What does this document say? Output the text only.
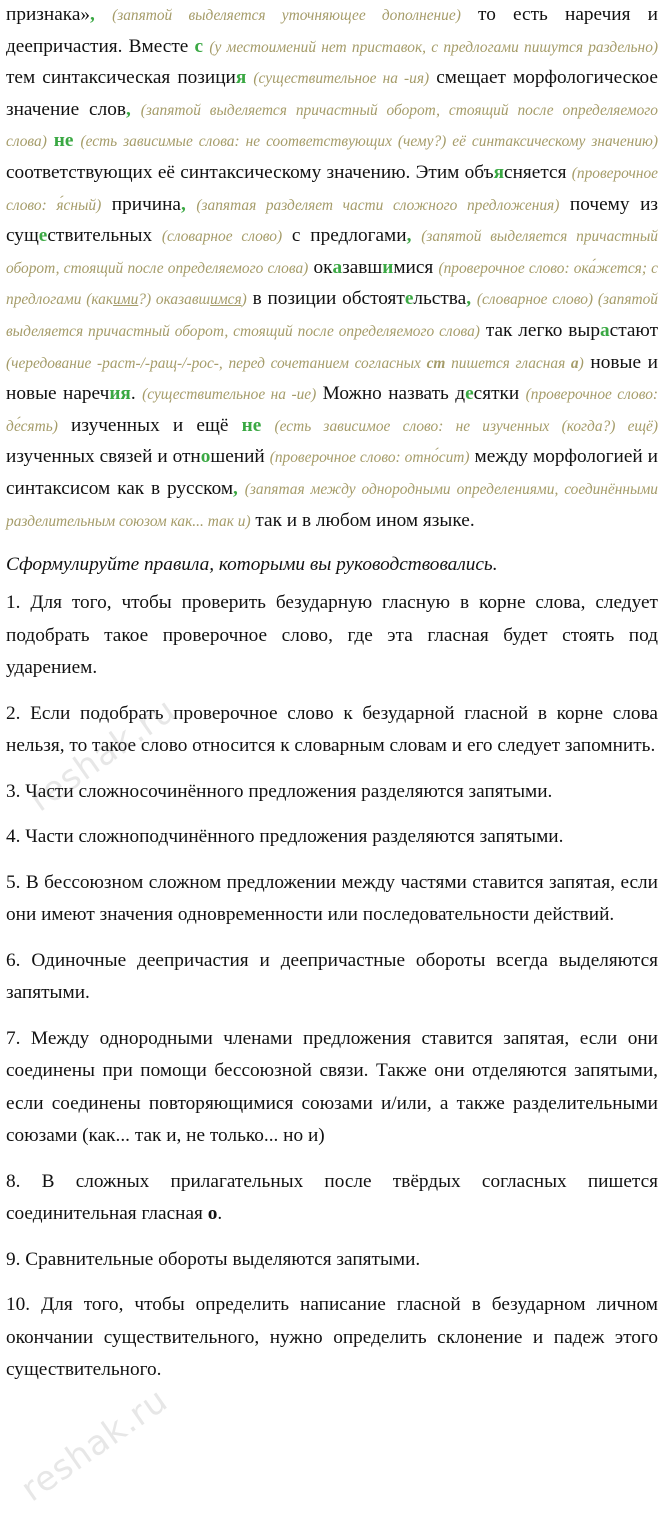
признака», (запятой выделяется уточняющее дополнение) то есть наречия и деепричастия. Вместе с (у местоимений нет приставок, с предлогами пишутся раздельно) тем синтаксическая позиция (существительное на -ия) смещает морфологическое значение слов, (запятой выделяется причастный оборот, стоящий после определяемого слова) не (есть зависимые слова: не соответствующих (чему?) её синтаксическому значению) соответствующих её синтаксическому значению. Этим объясняется (проверочное слово: я́сный) причина, (запятая разделяет части сложного предложения) почему из существительных (словарное слово) с предлогами, (запятой выделяется причастный оборот, стоящий после определяемого слова) оказавшимися (проверочное слово: ока́жется; с предлогами (какими?) оказавшимся) в позиции обстоятельства, (словарное слово) (запятой выделяется причастный оборот, стоящий после определяемого слова) так легко вырастают (чередование -раст-/-ращ-/-рос-, перед сочетанием согласных ст пишется гласная а) новые и новые наречия. (существительное на -ие) Можно назвать десятки (проверочное слово: де́сять) изученных и ещё не (есть зависимое слово: не изученных (когда?) ещё) изученных связей и отношений (проверочное слово: отно́сит) между морфологией и синтаксисом как в русском, (запятая между однородными определениями, соединёнными разделительным союзом как... так и) так и в любом ином языке.

Сформулируйте правила, которыми вы руководствовались.

1. Для того, чтобы проверить безударную гласную в корне слова, следует подобрать такое проверочное слово, где эта гласная будет стоять под ударением.

2. Если подобрать проверочное слово к безударной гласной в корне слова нельзя, то такое слово относится к словарным словам и его следует запомнить.

3. Части сложносочинённого предложения разделяются запятыми.

4. Части сложноподчинённого предложения разделяются запятыми.

5. В бессоюзном сложном предложении между частями ставится запятая, если они имеют значения одновременности или последовательности действий.

6. Одиночные деепричастия и деепричастные обороты всегда выделяются запятыми.

7. Между однородными членами предложения ставится запятая, если они соединены при помощи бессоюзной связи. Также они отделяются запятыми, если соединены повторяющимися союзами и/или, а также разделительными союзами (как... так и, не только... но и)

8. В сложных прилагательных после твёрдых согласных пишется соединительная гласная о.

9. Сравнительные обороты выделяются запятыми.

10. Для того, чтобы определить написание гласной в безударном личном окончании существительного, нужно определить склонение и падеж этого существительного.

reshak.ru
reshak.ru
